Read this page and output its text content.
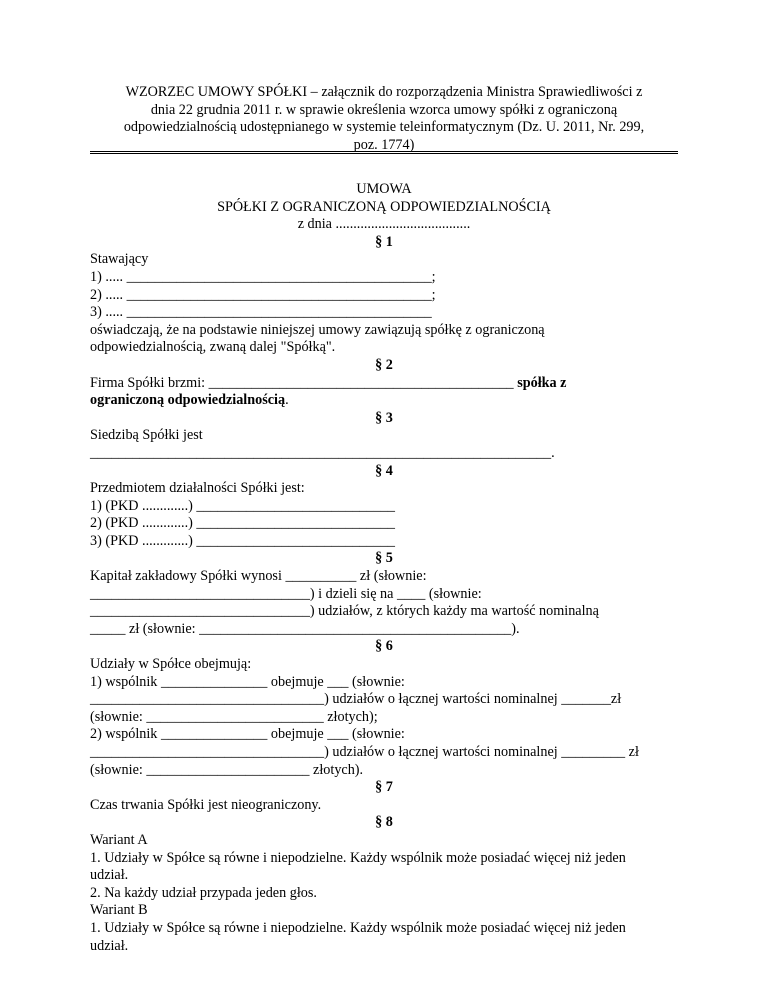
WZORZEC UMOWY SPÓŁKI – załącznik do rozporządzenia Ministra Sprawiedliwości z
dnia 22 grudnia 2011 r. w sprawie określenia wzorca umowy spółki z ograniczoną
odpowiedzialnością udostępnianego w systemie teleinformatycznym (Dz. U. 2011, Nr. 299,
poz. 1774)
UMOWA
SPÓŁKI Z OGRANICZONĄ ODPOWIEDZIALNOŚCIĄ
z dnia ......................................
§ 1
Stawający
1) ..... ___________________________________________;
2) ..... ___________________________________________;
3) ..... ___________________________________________
oświadczają, że na podstawie niniejszej umowy zawiązują spółkę z ograniczoną
odpowiedzialnością, zwaną dalej "Spółką".
§ 2
Firma Spółki brzmi: ___________________________________________ spółka z
ograniczoną odpowiedzialnością.
§ 3
Siedzibą Spółki jest
_________________________________________________________________.
§ 4
Przedmiotem działalności Spółki jest:
1) (PKD .............) ____________________________
2) (PKD .............) ____________________________
3) (PKD .............) ____________________________
§ 5
Kapitał zakładowy Spółki wynosi __________ zł (słownie:
_______________________________) i dzieli się na ____ (słownie:
_______________________________) udziałów, z których każdy ma wartość nominalną
_____ zł (słownie: ____________________________________________).
§ 6
Udziały w Spółce obejmują:
1) wspólnik _______________ obejmuje ___ (słownie:
_________________________________) udziałów o łącznej wartości nominalnej _______zł
(słownie: _________________________ złotych);
2) wspólnik _______________ obejmuje ___ (słownie:
_________________________________) udziałów o łącznej wartości nominalnej _________ zł
(słownie: _______________________ złotych).
§ 7
Czas trwania Spółki jest nieograniczony.
§ 8
Wariant A
1. Udziały w Spółce są równe i niepodzielne. Każdy wspólnik może posiadać więcej niż jeden
udział.
2. Na każdy udział przypada jeden głos.
Wariant B
1. Udziały w Spółce są równe i niepodzielne. Każdy wspólnik może posiadać więcej niż jeden
udział.
